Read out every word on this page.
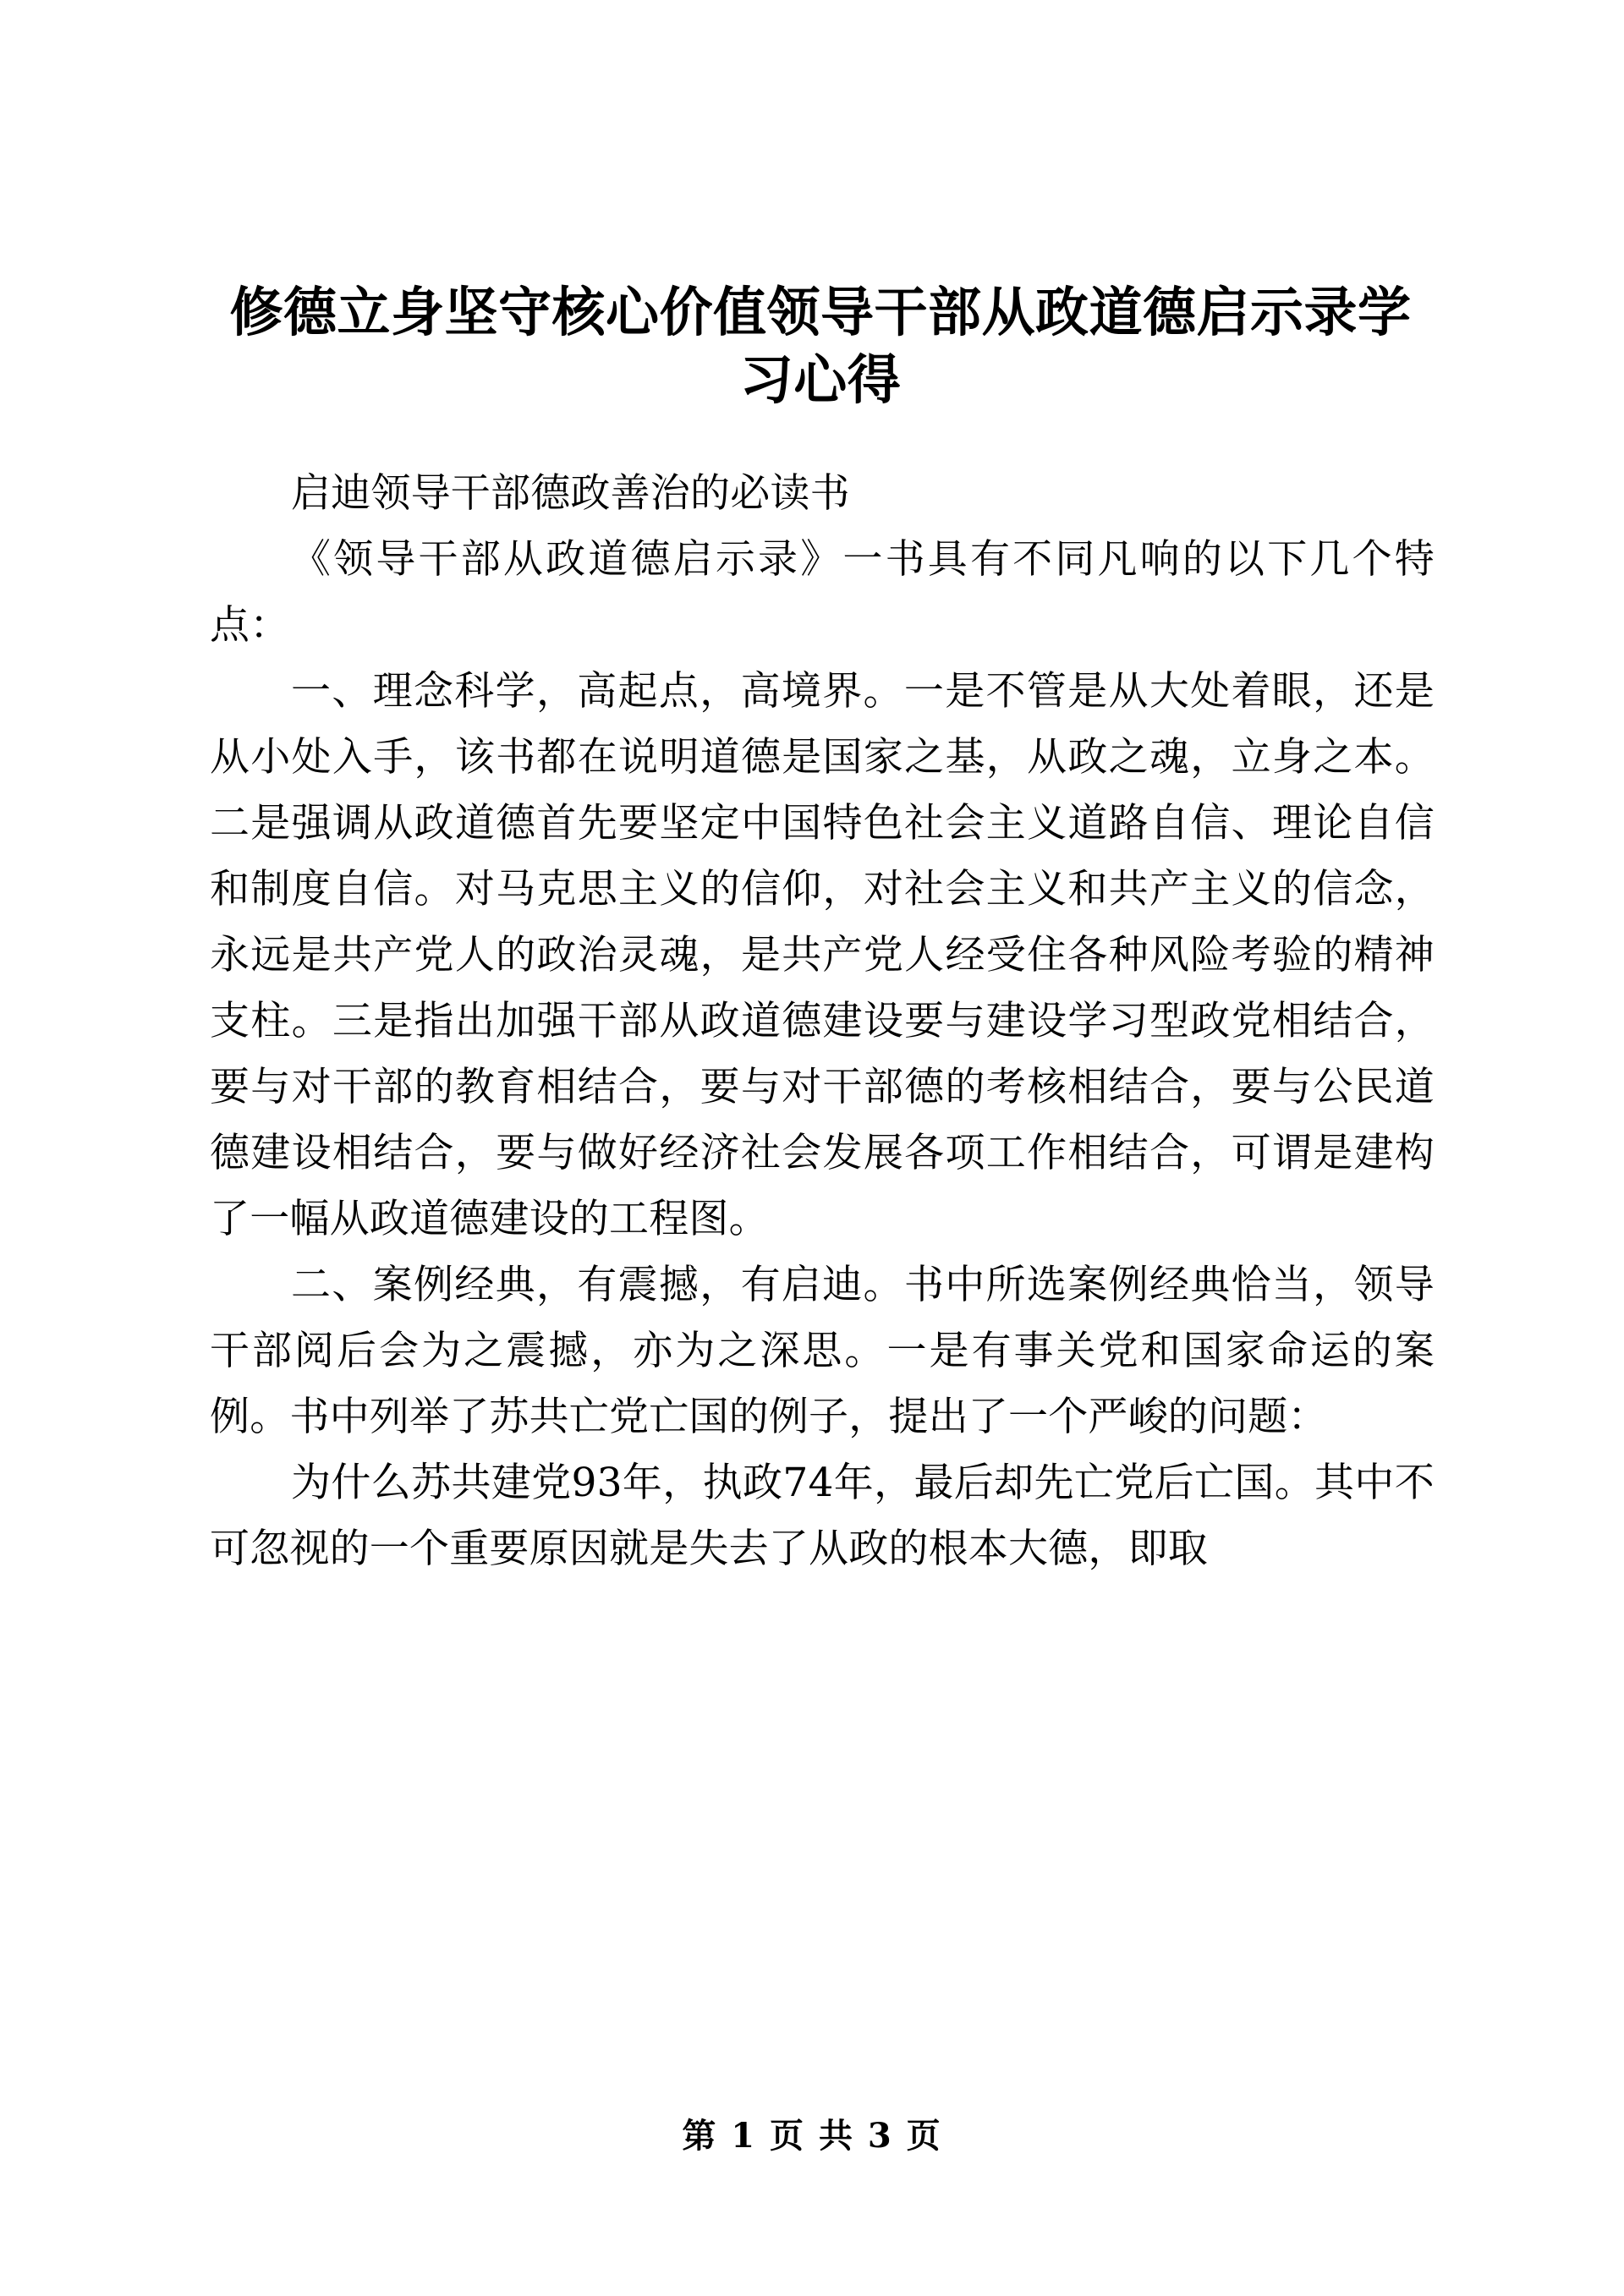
修德立身坚守核心价值领导干部从政道德启示录学习心得

启迪领导干部德政善治的必读书

《领导干部从政道德启示录》一书具有不同凡响的以下几个特点：

一、理念科学，高起点，高境界。一是不管是从大处着眼，还是从小处入手，该书都在说明道德是国家之基，从政之魂，立身之本。二是强调从政道德首先要坚定中国特色社会主义道路自信、理论自信和制度自信。对马克思主义的信仰，对社会主义和共产主义的信念，永远是共产党人的政治灵魂，是共产党人经受住各种风险考验的精神支柱。三是指出加强干部从政道德建设要与建设学习型政党相结合，要与对干部的教育相结合，要与对干部德的考核相结合，要与公民道德建设相结合，要与做好经济社会发展各项工作相结合，可谓是建构了一幅从政道德建设的工程图。

二、案例经典，有震撼，有启迪。书中所选案例经典恰当，领导干部阅后会为之震撼，亦为之深思。一是有事关党和国家命运的案例。书中列举了苏共亡党亡国的例子，提出了一个严峻的问题：

为什么苏共建党93年，执政74年，最后却先亡党后亡国。其中不可忽视的一个重要原因就是失去了从政的根本大德，即取

第 1 页 共 3 页
